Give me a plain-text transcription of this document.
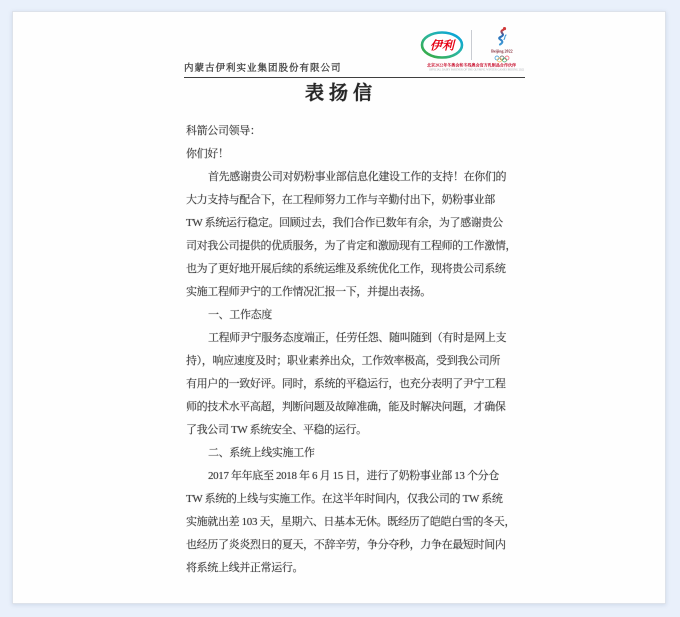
内蒙古伊利实业集团股份有限公司
伊利	Beijing 2022
北京2022年冬奥会和冬残奥会官方乳制品合作伙伴
OFFICIAL DAIRY PARTNER OF THE OLYMPIC WINTER GAMES BEIJING 2022
表扬信
科箭公司领导：
你们好！
首先感谢贵公司对奶粉事业部信息化建设工作的支持！在你们的
大力支持与配合下，在工程师努力工作与辛勤付出下，奶粉事业部
TW 系统运行稳定。回顾过去，我们合作已数年有余，为了感谢贵公
司对我公司提供的优质服务，为了肯定和激励现有工程师的工作激情，
也为了更好地开展后续的系统运维及系统优化工作，现将贵公司系统
实施工程师尹宁的工作情况汇报一下，并提出表扬。
一、工作态度
工程师尹宁服务态度端正，任劳任怨、随叫随到（有时是网上支
持），响应速度及时；职业素养出众，工作效率极高，受到我公司所
有用户的一致好评。同时，系统的平稳运行，也充分表明了尹宁工程
师的技术水平高超，判断问题及故障准确，能及时解决问题，才确保
了我公司 TW 系统安全、平稳的运行。
二、系统上线实施工作
2017 年年底至 2018 年 6 月 15 日，进行了奶粉事业部 13 个分仓
TW 系统的上线与实施工作。在这半年时间内，仅我公司的 TW 系统
实施就出差 103 天，星期六、日基本无休。既经历了皑皑白雪的冬天，
也经历了炎炎烈日的夏天，不辞辛劳，争分夺秒，力争在最短时间内
将系统上线并正常运行。
